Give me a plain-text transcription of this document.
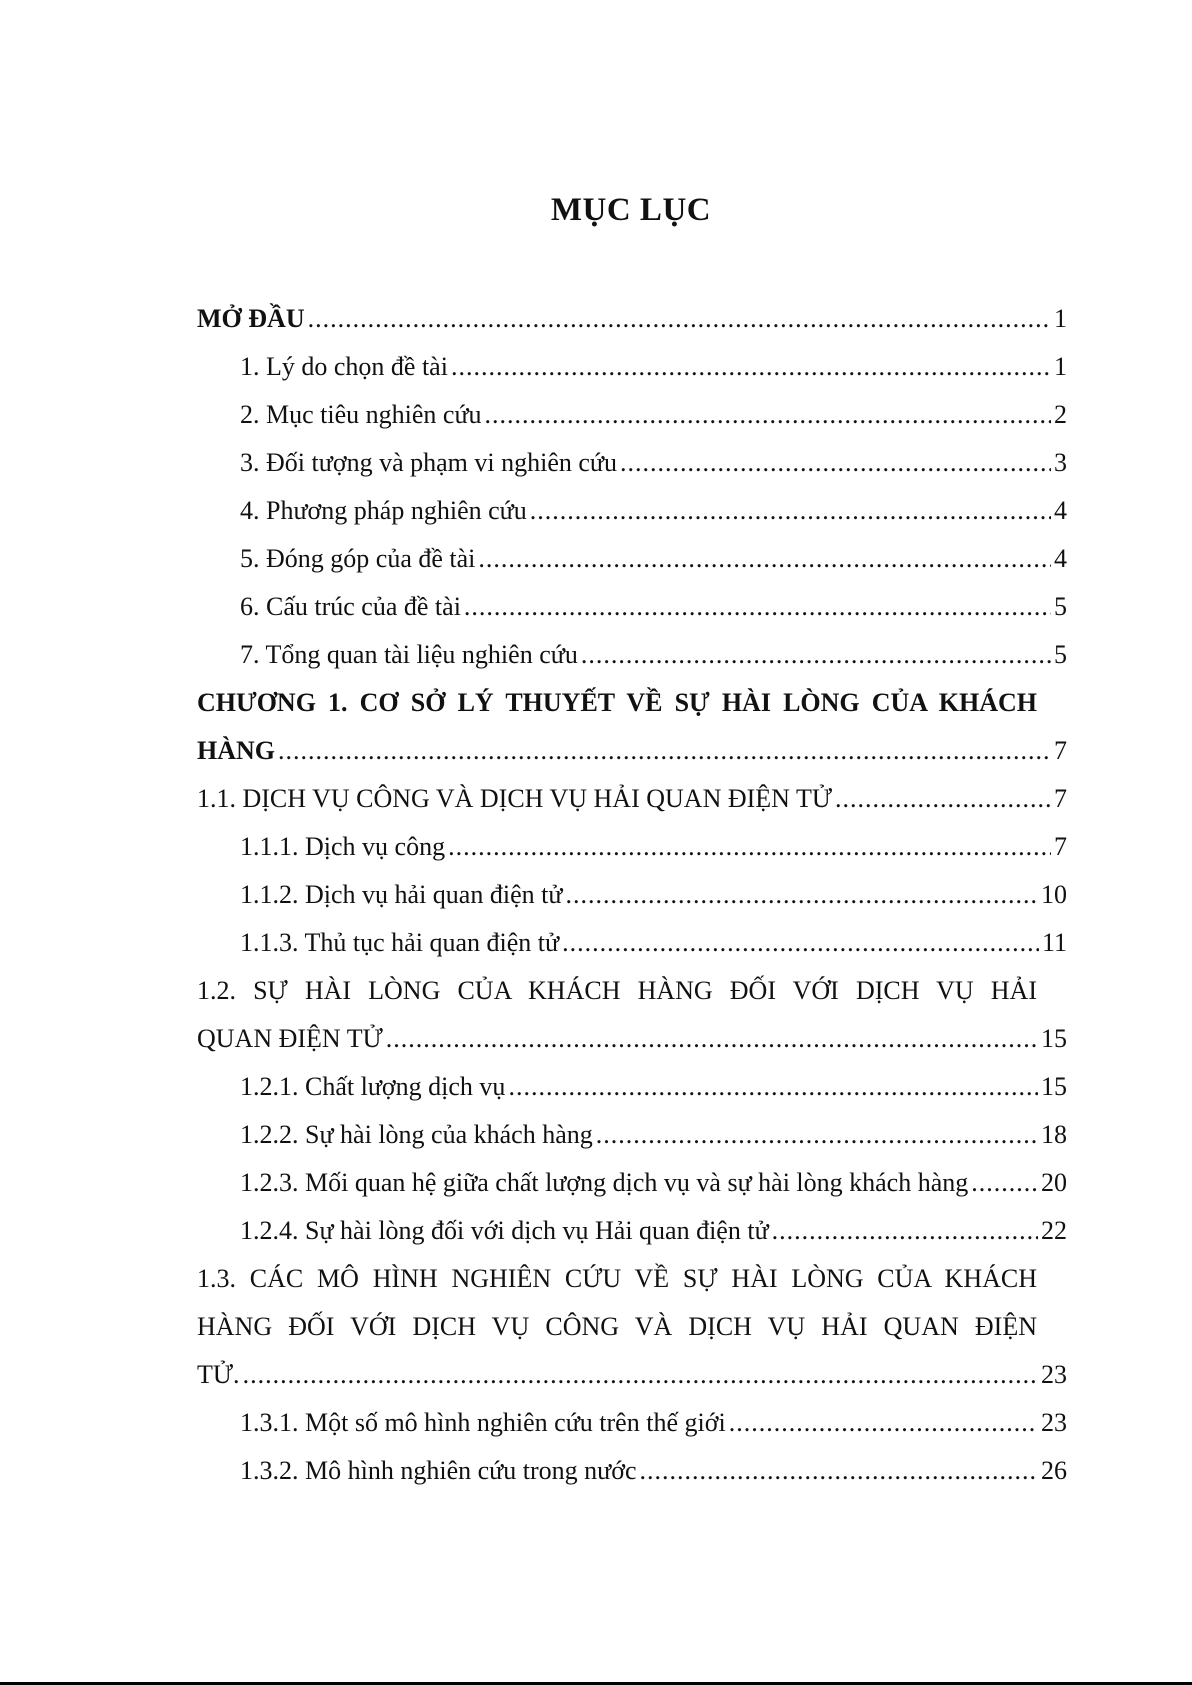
MỤC LỤC
MỞ ĐẦU .....	1
1. Lý do chọn đề tài .....	1
2. Mục tiêu nghiên cứu .....	2
3. Đối tượng và phạm vi nghiên cứu .....	3
4. Phương pháp nghiên cứu .....	4
5. Đóng góp của đề tài .....	4
6. Cấu trúc của đề tài .....	5
7. Tổng quan tài liệu nghiên cứu .....	5
CHƯƠNG 1. CƠ SỞ LÝ THUYẾT VỀ SỰ HÀI LÒNG CỦA KHÁCH
HÀNG .....	7
1.1. DỊCH VỤ CÔNG VÀ DỊCH VỤ HẢI QUAN ĐIỆN TỬ .....	7
1.1.1. Dịch vụ công .....	7
1.1.2. Dịch vụ hải quan điện tử .....	10
1.1.3. Thủ tục hải quan điện tử .....	11
1.2. SỰ HÀI LÒNG CỦA KHÁCH HÀNG ĐỐI VỚI DỊCH VỤ HẢI
QUAN ĐIỆN TỬ .....	15
1.2.1. Chất lượng dịch vụ .....	15
1.2.2. Sự hài lòng của khách hàng .....	18
1.2.3. Mối quan hệ giữa chất lượng dịch vụ và sự hài lòng khách hàng .....	20
1.2.4. Sự hài lòng đối với dịch vụ Hải quan điện tử .....	22
1.3. CÁC MÔ HÌNH NGHIÊN CỨU VỀ SỰ HÀI LÒNG CỦA KHÁCH
HÀNG ĐỐI VỚI DỊCH VỤ CÔNG VÀ DỊCH VỤ HẢI QUAN ĐIỆN
TỬ. .....	23
1.3.1. Một số mô hình nghiên cứu trên thế giới .....	23
1.3.2. Mô hình nghiên cứu trong nước .....	26
